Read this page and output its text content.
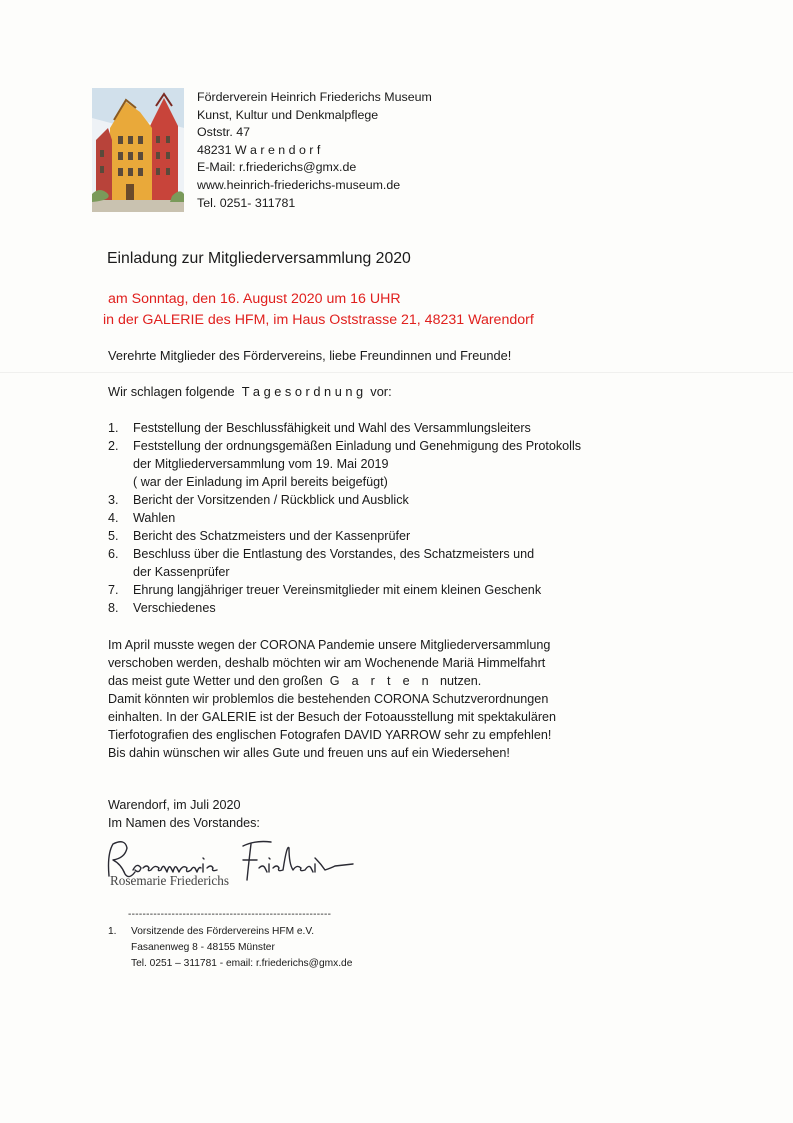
Förderverein Heinrich Friederichs Museum
Kunst, Kultur und Denkmalpflege
Oststr. 47
48231 W a r e n d o r f
E-Mail: r.friederichs@gmx.de
www.heinrich-friederichs-museum.de
Tel. 0251- 311781
Einladung zur Mitgliederversammlung 2020
am Sonntag, den 16. August 2020 um 16 UHR
in der GALERIE des HFM, im Haus Oststrasse 21, 48231 Warendorf
Verehrte Mitglieder des Fördervereins, liebe Freundinnen und Freunde!
Wir schlagen folgende T a g e s o r d n u n g vor:
1. Feststellung der Beschlussfähigkeit und Wahl des Versammlungsleiters
2. Feststellung der ordnungsgemäßen Einladung und Genehmigung des Protokolls
der Mitgliederversammlung vom 19. Mai 2019
( war der Einladung im April bereits beigefügt)
3. Bericht der Vorsitzenden / Rückblick und Ausblick
4. Wahlen
5. Bericht des Schatzmeisters und der Kassenprüfer
6. Beschluss über die Entlastung des Vorstandes, des Schatzmeisters und
der Kassenprüfer
7. Ehrung langjähriger treuer Vereinsmitglieder mit einem kleinen Geschenk
8. Verschiedenes
Im April musste wegen der CORONA Pandemie unsere Mitgliederversammlung
verschoben werden, deshalb möchten wir am Wochenende Mariä Himmelfahrt
das meist gute Wetter und den großen G a r t e n nutzen.
Damit könnten wir problemlos die bestehenden CORONA Schutzverordnungen
einhalten. In der GALERIE ist der Besuch der Fotoausstellung mit spektakulären
Tierfotografien des englischen Fotografen DAVID YARROW sehr zu empfehlen!
Bis dahin wünschen wir alles Gute und freuen uns auf ein Wiedersehen!
Warendorf, im Juli 2020
Im Namen des Vorstandes:
Rosemarie Friederichs
--------------------------------------------------------
1. Vorsitzende des Fördervereins HFM e.V.
Fasanenweg 8 - 48155 Münster
Tel. 0251 – 311781 - email: r.friederichs@gmx.de
